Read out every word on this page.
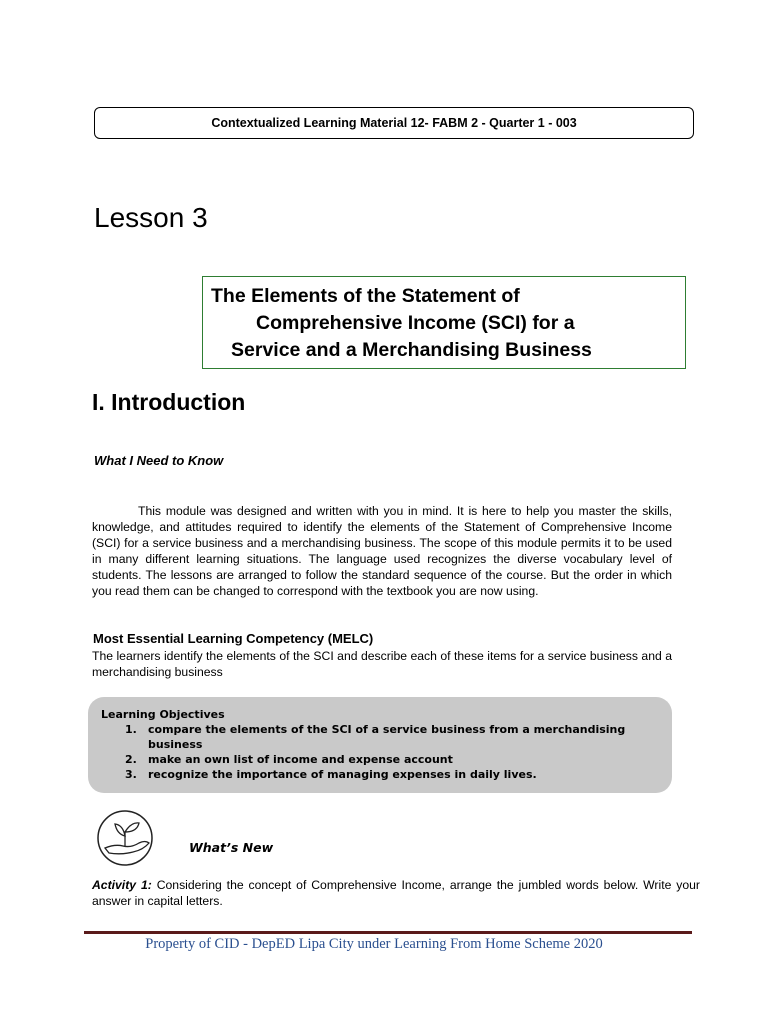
Contextualized Learning Material 12- FABM 2 - Quarter 1 - 003
Lesson 3
The Elements of the Statement of
Comprehensive Income (SCI) for a
Service and a Merchandising Business
I. Introduction
What I Need to Know

This module was designed and written with you in mind. It is here to help you master the skills, knowledge, and attitudes required to identify the elements of the Statement of Comprehensive Income (SCI) for a service business and a merchandising business. The scope of this module permits it to be used in many different learning situations. The language used recognizes the diverse vocabulary level of students. The lessons are arranged to follow the standard sequence of the course. But the order in which you read them can be changed to correspond with the textbook you are now using.

Most Essential Learning Competency (MELC)

The learners identify the elements of the SCI and describe each of these items for a service business and a merchandising business

Learning Objectives
1. compare the elements of the SCI of a service business from a merchandising business
2. make an own list of income and expense account
3. recognize the importance of managing expenses in daily lives.
What’s New

Activity 1: Considering the concept of Comprehensive Income, arrange the jumbled words below. Write your answer in capital letters.

Property of CID - DepED Lipa City under Learning From Home Scheme 2020
